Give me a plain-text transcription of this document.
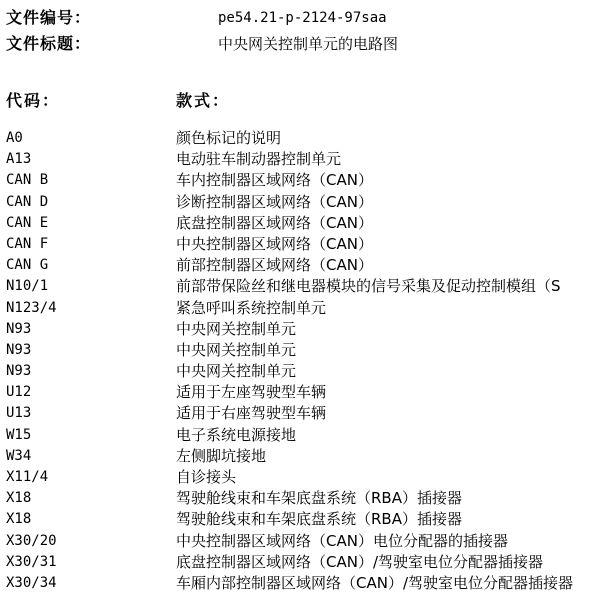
文件编号：	pe54.21-p-2124-97saa
文件标题：	中央网关控制单元的电路图
代码：	款式：
A0	颜色标记的说明
A13	电动驻车制动器控制单元
CAN B	车内控制器区域网络（CAN）
CAN D	诊断控制器区域网络（CAN）
CAN E	底盘控制器区域网络（CAN）
CAN F	中央控制器区域网络（CAN）
CAN G	前部控制器区域网络（CAN）
N10/1	前部带保险丝和继电器模块的信号采集及促动控制模组（S
N123/4	紧急呼叫系统控制单元
N93	中央网关控制单元
N93	中央网关控制单元
N93	中央网关控制单元
U12	适用于左座驾驶型车辆
U13	适用于右座驾驶型车辆
W15	电子系统电源接地
W34	左侧脚坑接地
X11/4	自诊接头
X18	驾驶舱线束和车架底盘系统（RBA）插接器
X18	驾驶舱线束和车架底盘系统（RBA）插接器
X30/20	中央控制器区域网络（CAN）电位分配器的插接器
X30/31	底盘控制器区域网络（CAN）/驾驶室电位分配器插接器
X30/34	车厢内部控制器区域网络（CAN）/驾驶室电位分配器插接器
